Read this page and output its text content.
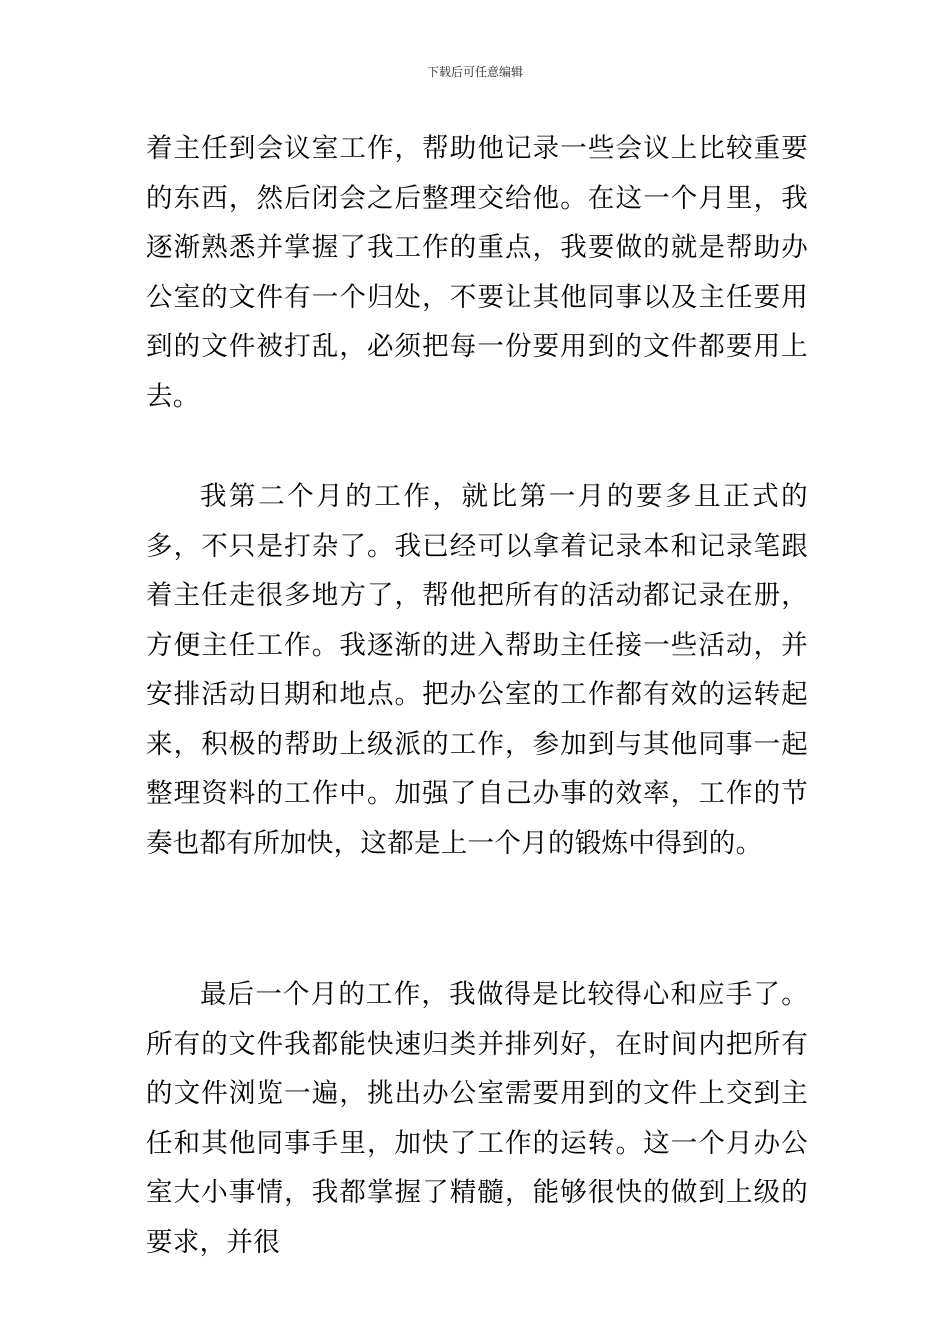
下载后可任意编辑

着主任到会议室工作，帮助他记录一些会议上比较重要的东西，然后闭会之后整理交给他。在这一个月里，我逐渐熟悉并掌握了我工作的重点，我要做的就是帮助办公室的文件有一个归处，不要让其他同事以及主任要用到的文件被打乱，必须把每一份要用到的文件都要用上去。

我第二个月的工作，就比第一月的要多且正式的多，不只是打杂了。我已经可以拿着记录本和记录笔跟着主任走很多地方了，帮他把所有的活动都记录在册，方便主任工作。我逐渐的进入帮助主任接一些活动，并安排活动日期和地点。把办公室的工作都有效的运转起来，积极的帮助上级派的工作，参加到与其他同事一起整理资料的工作中。加强了自己办事的效率，工作的节奏也都有所加快，这都是上一个月的锻炼中得到的。

最后一个月的工作，我做得是比较得心和应手了。所有的文件我都能快速归类并排列好，在时间内把所有的文件浏览一遍，挑出办公室需要用到的文件上交到主任和其他同事手里，加快了工作的运转。这一个月办公室大小事情，我都掌握了精髓，能够很快的做到上级的要求，并很
